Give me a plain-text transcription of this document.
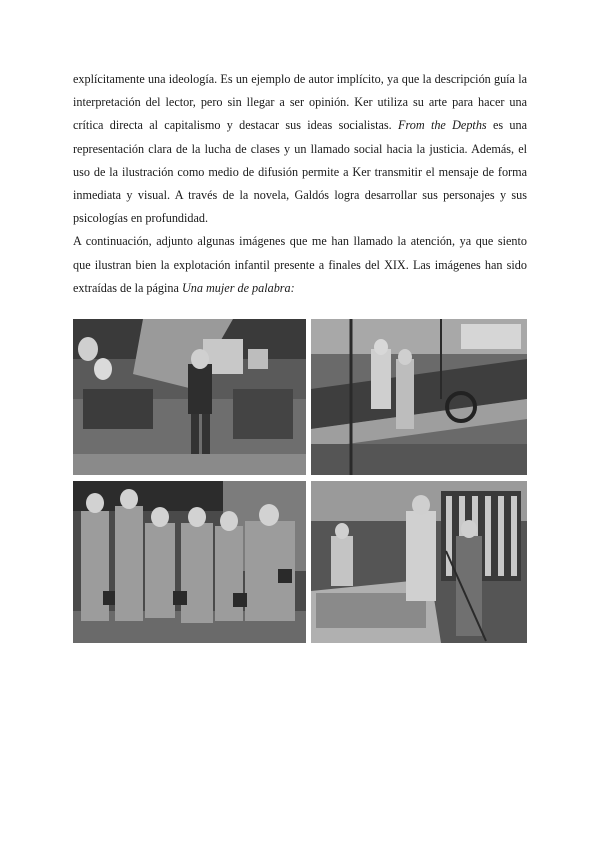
explícitamente una ideología. Es un ejemplo de autor implícito, ya que la descripción guía la interpretación del lector, pero sin llegar a ser opinión. Ker utiliza su arte para hacer una crítica directa al capitalismo y destacar sus ideas socialistas. From the Depths es una representación clara de la lucha de clases y un llamado social hacia la justicia. Además, el uso de la ilustración como medio de difusión permite a Ker transmitir el mensaje de forma inmediata y visual. A través de la novela, Galdós logra desarrollar sus personajes y sus psicologías en profundidad.

A continuación, adjunto algunas imágenes que me han llamado la atención, ya que siento que ilustran bien la explotación infantil presente a finales del XIX. Las imágenes han sido extraídas de la página Una mujer de palabra:
